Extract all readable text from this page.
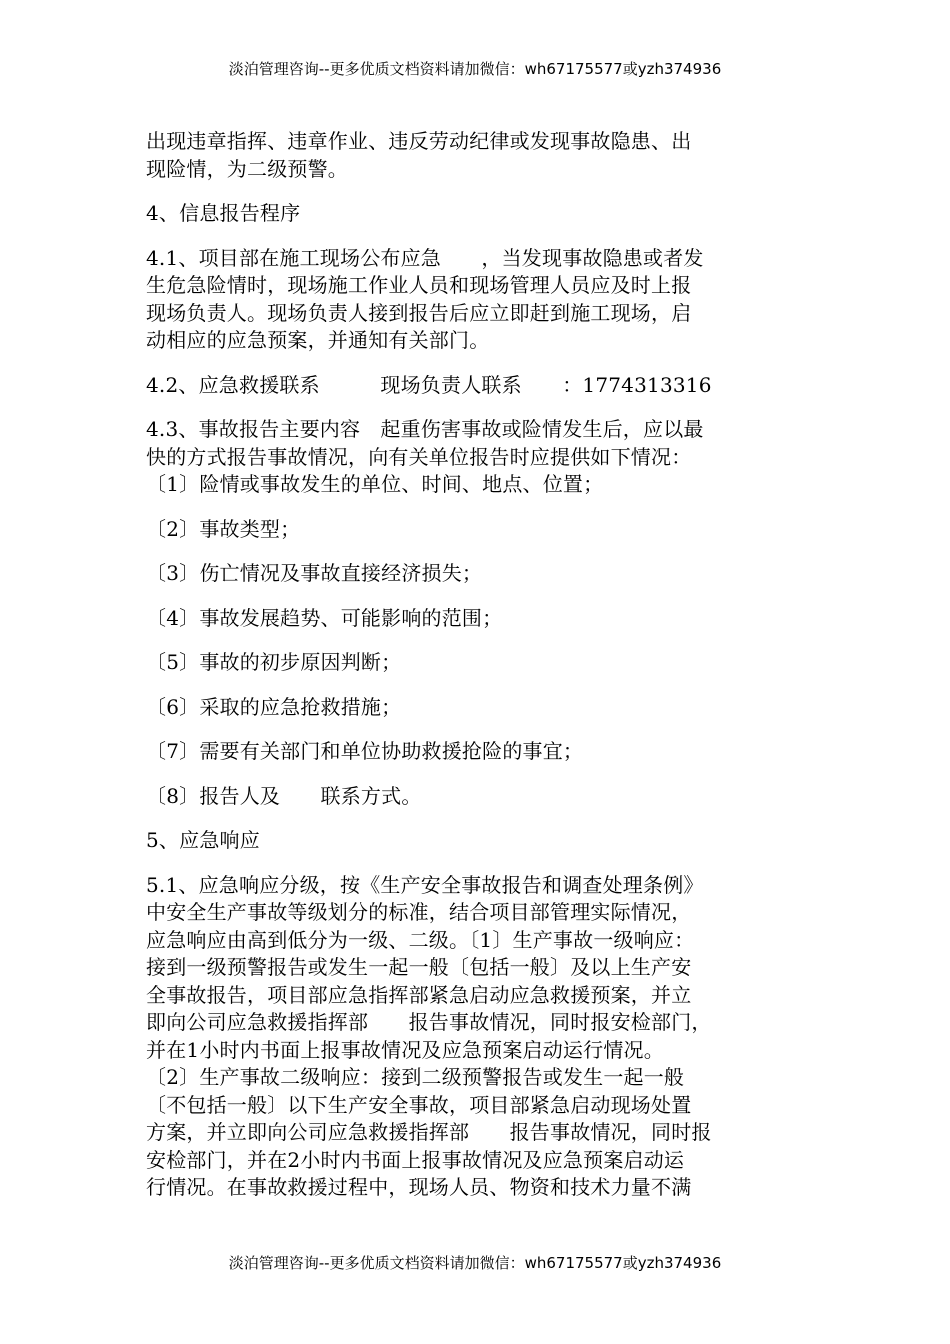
淡泊管理咨询--更多优质文档资料请加微信：wh67175577或yzh374936
出现违章指挥、违章作业、违反劳动纪律或发现事故隐患、出
现险情，为二级预警。
4、信息报告程序
4.1、项目部在施工现场公布应急　　，当发现事故隐患或者发
生危急险情时，现场施工作业人员和现场管理人员应及时上报
现场负责人。现场负责人接到报告后应立即赶到施工现场，启
动相应的应急预案，并通知有关部门。
4.2、应急救援联系　　　现场负责人联系　　：1774313316
4.3、事故报告主要内容　起重伤害事故或险情发生后，应以最
快的方式报告事故情况，向有关单位报告时应提供如下情况：
〔1〕险情或事故发生的单位、时间、地点、位置；
〔2〕事故类型；
〔3〕伤亡情况及事故直接经济损失；
〔4〕事故发展趋势、可能影响的范围；
〔5〕事故的初步原因判断；
〔6〕采取的应急抢救措施；
〔7〕需要有关部门和单位协助救援抢险的事宜；
〔8〕报告人及　　联系方式。
5、应急响应
5.1、应急响应分级，按《生产安全事故报告和调查处理条例》
中安全生产事故等级划分的标准，结合项目部管理实际情况，
应急响应由高到低分为一级、二级。〔1〕生产事故一级响应：
接到一级预警报告或发生一起一般〔包括一般〕及以上生产安
全事故报告，项目部应急指挥部紧急启动应急救援预案，并立
即向公司应急救援指挥部　　报告事故情况，同时报安检部门，
并在1小时内书面上报事故情况及应急预案启动运行情况。
〔2〕生产事故二级响应：接到二级预警报告或发生一起一般
〔不包括一般〕以下生产安全事故，项目部紧急启动现场处置
方案，并立即向公司应急救援指挥部　　报告事故情况，同时报
安检部门，并在2小时内书面上报事故情况及应急预案启动运
行情况。在事故救援过程中，现场人员、物资和技术力量不满
淡泊管理咨询--更多优质文档资料请加微信：wh67175577或yzh374936
